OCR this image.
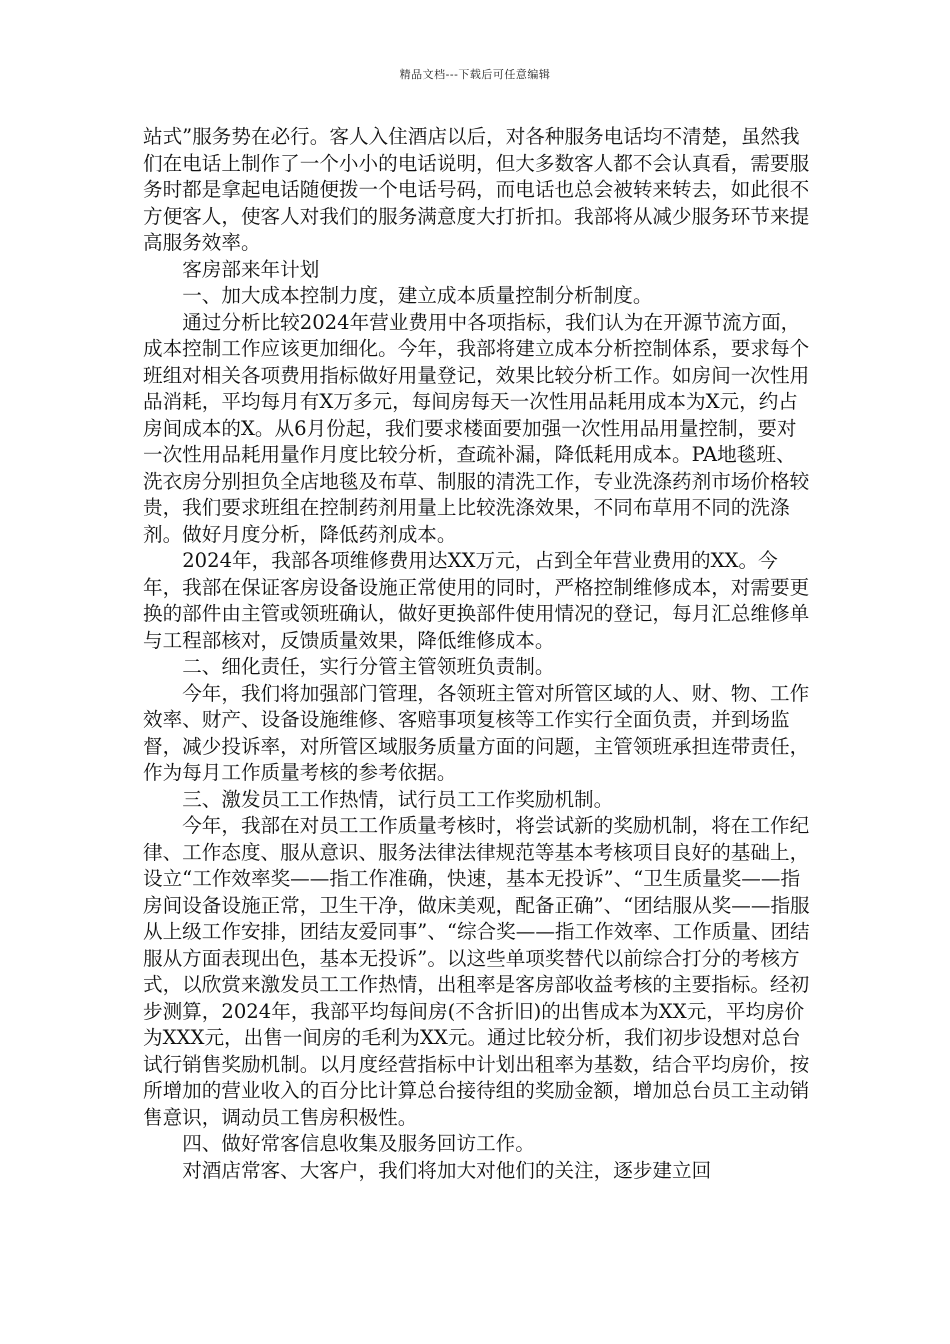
精品文档---下载后可任意编辑

站式”服务势在必行。客人入住酒店以后，对各种服务电话均不清楚，虽然我们在电话上制作了一个小小的电话说明，但大多数客人都不会认真看，需要服务时都是拿起电话随便拨一个电话号码，而电话也总会被转来转去，如此很不方便客人，使客人对我们的服务满意度大打折扣。我部将从减少服务环节来提高服务效率。

客房部来年计划

一、加大成本控制力度，建立成本质量控制分析制度。

通过分析比较2024年营业费用中各项指标，我们认为在开源节流方面，成本控制工作应该更加细化。今年，我部将建立成本分析控制体系，要求每个班组对相关各项费用指标做好用量登记，效果比较分析工作。如房间一次性用品消耗，平均每月有X万多元，每间房每天一次性用品耗用成本为X元，约占房间成本的X。从6月份起，我们要求楼面要加强一次性用品用量控制，要对一次性用品耗用量作月度比较分析，查疏补漏，降低耗用成本。PA地毯班、洗衣房分别担负全店地毯及布草、制服的清洗工作，专业洗涤药剂市场价格较贵，我们要求班组在控制药剂用量上比较洗涤效果，不同布草用不同的洗涤剂。做好月度分析，降低药剂成本。

2024年，我部各项维修费用达XX万元，占到全年营业费用的XX。今年，我部在保证客房设备设施正常使用的同时，严格控制维修成本，对需要更换的部件由主管或领班确认，做好更换部件使用情况的登记，每月汇总维修单与工程部核对，反馈质量效果，降低维修成本。

二、细化责任，实行分管主管领班负责制。

今年，我们将加强部门管理，各领班主管对所管区域的人、财、物、工作效率、财产、设备设施维修、客赔事项复核等工作实行全面负责，并到场监督，减少投诉率，对所管区域服务质量方面的问题，主管领班承担连带责任，作为每月工作质量考核的参考依据。

三、激发员工工作热情，试行员工工作奖励机制。

今年，我部在对员工工作质量考核时，将尝试新的奖励机制，将在工作纪律、工作态度、服从意识、服务法律法律规范等基本考核项目良好的基础上，设立“工作效率奖——指工作准确，快速，基本无投诉”、“卫生质量奖——指房间设备设施正常，卫生干净，做床美观，配备正确”、“团结服从奖——指服从上级工作安排，团结友爱同事”、“综合奖——指工作效率、工作质量、团结服从方面表现出色，基本无投诉”。以这些单项奖替代以前综合打分的考核方式，以欣赏来激发员工工作热情，出租率是客房部收益考核的主要指标。经初步测算，2024年，我部平均每间房(不含折旧)的出售成本为XX元，平均房价为XXX元，出售一间房的毛利为XX元。通过比较分析，我们初步设想对总台试行销售奖励机制。以月度经营指标中计划出租率为基数，结合平均房价，按所增加的营业收入的百分比计算总台接待组的奖励金额，增加总台员工主动销售意识，调动员工售房积极性。

四、做好常客信息收集及服务回访工作。

对酒店常客、大客户，我们将加大对他们的关注，逐步建立回
